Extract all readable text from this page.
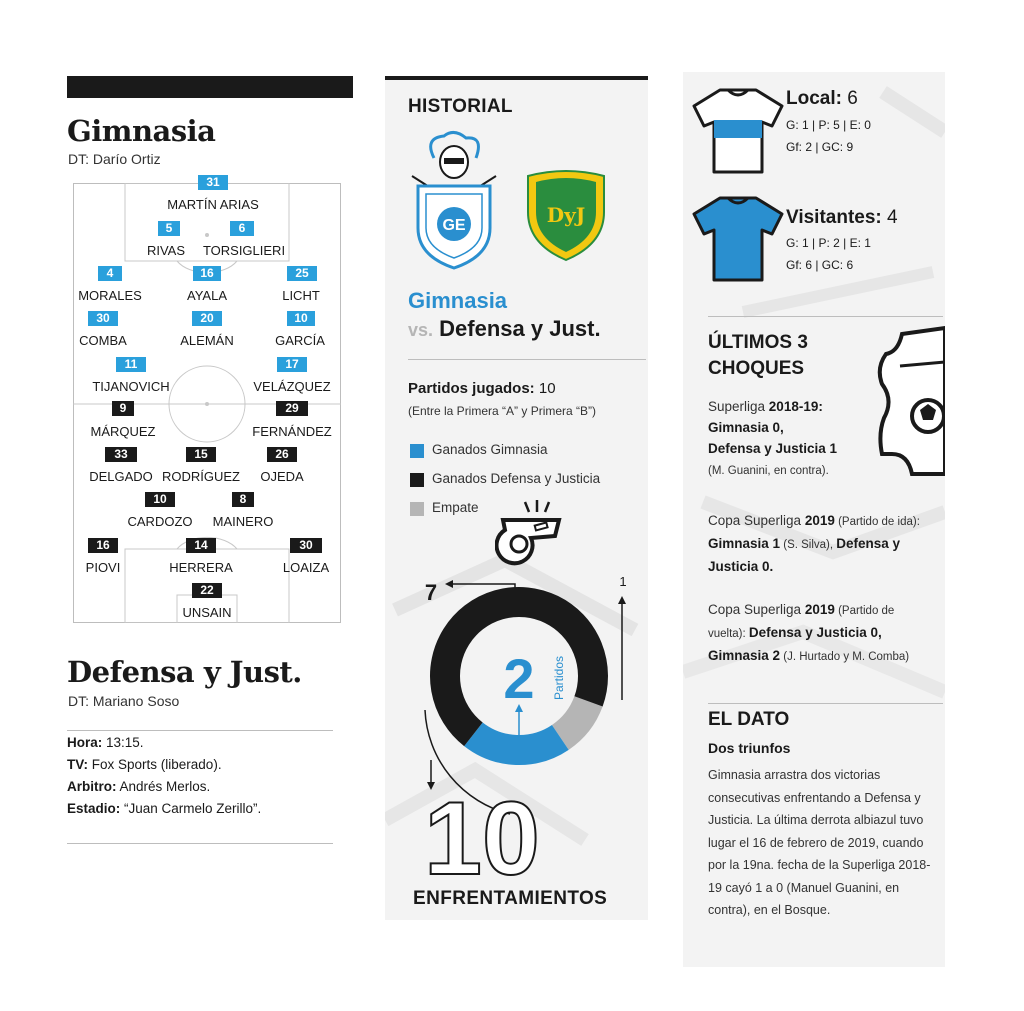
Gimnasia
DT: Darío Ortiz
31
MARTÍN ARIAS
5
RIVAS
6
TORSIGLIERI
4
MORALES
16
AYALA
25
LICHT
30
COMBA
20
ALEMÁN
10
GARCÍA
11
TIJANOVICH
17
VELÁZQUEZ
9
MÁRQUEZ
29
FERNÁNDEZ
33
DELGADO
15
RODRÍGUEZ
26
OJEDA
10
CARDOZO
8
MAINERO
16
PIOVI
14
HERRERA
30
LOAIZA
22
UNSAIN
Defensa y Just.
DT: Mariano Soso
Hora: 13:15.
TV: Fox Sports (liberado).
Arbitro: Andrés Merlos.
Estadio: “Juan Carmelo Zerillo”.
HISTORIAL
GE	DyJ
Gimnasia
vs. Defensa y Just.
Partidos jugados: 10
(Entre la Primera “A” y Primera “B”)
Ganados Gimnasia
Ganados Defensa y Justicia
Empate
7	1
2 Partidos
10
ENFRENTAMIENTOS
Local: 6
G: 1 | P: 5 | E: 0
Gf: 2 | GC: 9
Visitantes: 4
G: 1 | P: 2 | E: 1
Gf: 6 | GC: 6
ÚLTIMOS 3
CHOQUES
Superliga 2018-19:
Gimnasia 0,
Defensa y Justicia 1
(M. Guanini, en contra).
Copa Superliga 2019 (Partido de ida): Gimnasia 1 (S. Silva), Defensa y Justicia 0.
Copa Superliga 2019 (Partido de vuelta): Defensa y Justicia 0, Gimnasia 2 (J. Hurtado y M. Comba)
EL DATO
Dos triunfos
Gimnasia arrastra dos victorias consecutivas enfrentando a Defensa y Justicia. La última derrota albiazul tuvo lugar el 16 de febrero de 2019, cuando por la 19na. fecha de la Superliga 2018-19 cayó 1 a 0 (Manuel Guanini, en contra), en el Bosque.
